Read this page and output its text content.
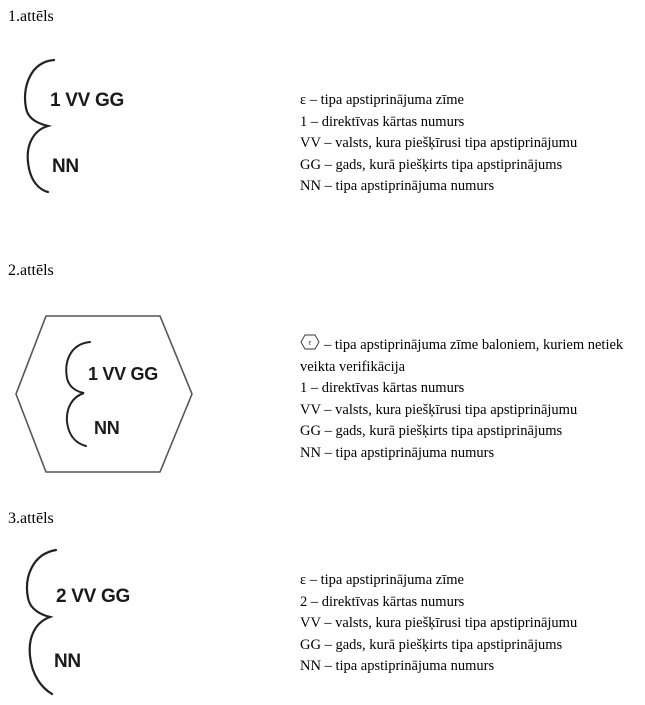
1.attēls
1 VV GG
NN
ε – tipa apstiprinājuma zīme
1 – direktīvas kārtas numurs
VV – valsts, kura piešķīrusi tipa apstiprinājumu
GG – gads, kurā piešķirts tipa apstiprinājums
NN – tipa apstiprinājuma numurs
2.attēls
1 VV GG
NN
ε – tipa apstiprinājuma zīme baloniem, kuriem netiek veikta verifikācija
1 – direktīvas kārtas numurs
VV – valsts, kura piešķīrusi tipa apstiprinājumu
GG – gads, kurā piešķirts tipa apstiprinājums
NN – tipa apstiprinājuma numurs
3.attēls
2 VV GG
NN
ε – tipa apstiprinājuma zīme
2 – direktīvas kārtas numurs
VV – valsts, kura piešķīrusi tipa apstiprinājumu
GG – gads, kurā piešķirts tipa apstiprinājums
NN – tipa apstiprinājuma numurs
